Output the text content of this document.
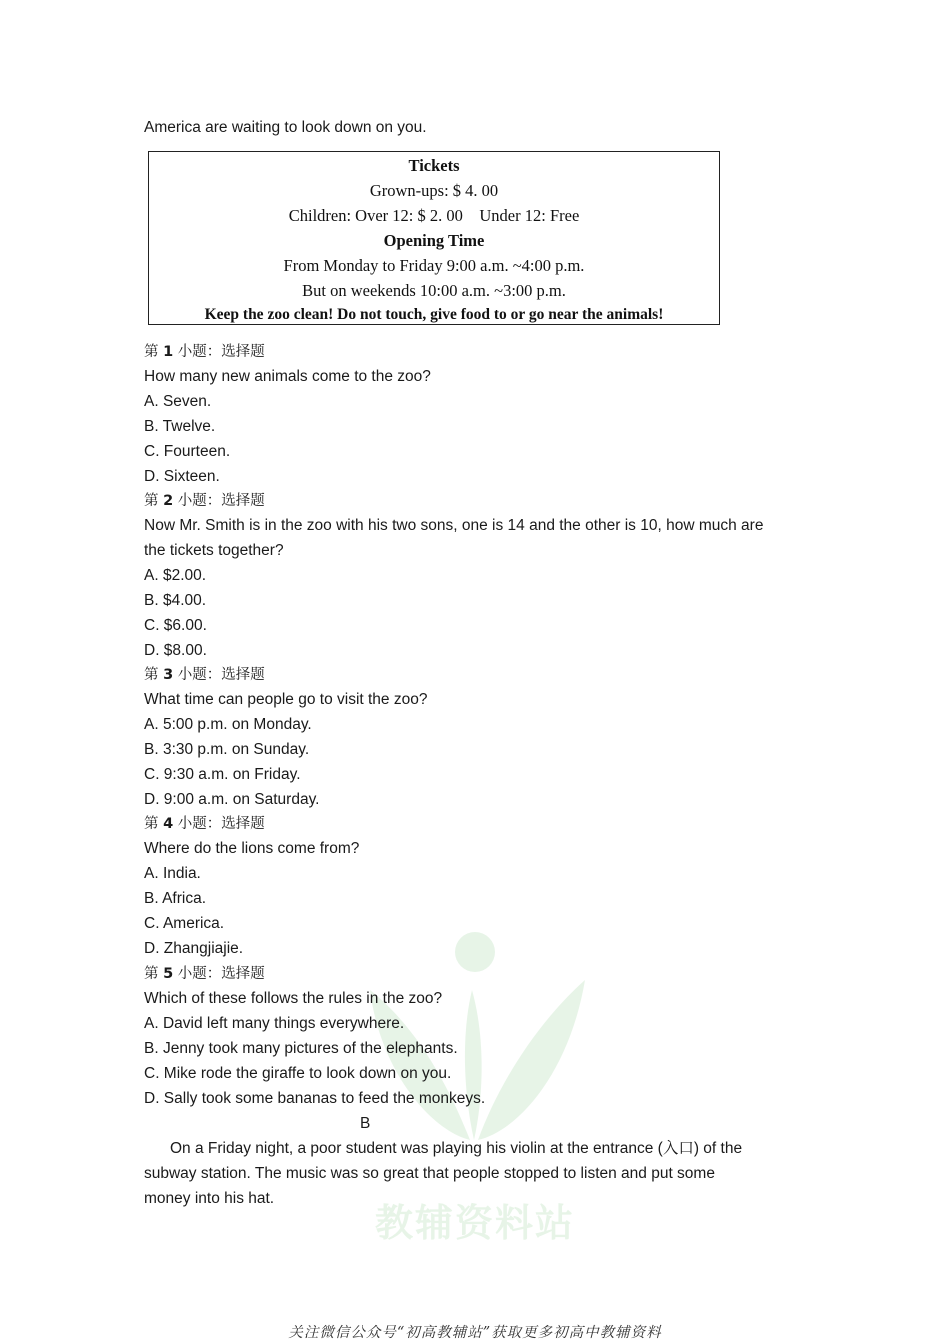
America are waiting to look down on you.
Tickets
Grown-ups: $ 4. 00
Children: Over 12: $ 2. 00    Under 12: Free
Opening Time
From Monday to Friday 9:00 a.m. ~4:00 p.m.
But on weekends 10:00 a.m. ~3:00 p.m.
Keep the zoo clean! Do not touch, give food to or go near the animals!
第 1 小题：选择题
How many new animals come to the zoo?
A. Seven.
B. Twelve.
C. Fourteen.
D. Sixteen.
第 2 小题：选择题
Now Mr. Smith is in the zoo with his two sons, one is 14 and the other is 10, how much are
the tickets together?
A. $2.00.
B. $4.00.
C. $6.00.
D. $8.00.
第 3 小题：选择题
What time can people go to visit the zoo?
A. 5:00 p.m. on Monday.
B. 3:30 p.m. on Sunday.
C. 9:30 a.m. on Friday.
D. 9:00 a.m. on Saturday.
第 4 小题：选择题
Where do the lions come from?
A. India.
B. Africa.
C. America.
D. Zhangjiajie.
教辅资料站
第 5 小题：选择题
Which of these follows the rules in the zoo?
A. David left many things everywhere.
B. Jenny took many pictures of the elephants.
C. Mike rode the giraffe to look down on you.
D. Sally took some bananas to feed the monkeys.
B
On a Friday night, a poor student was playing his violin at the entrance (入口) of the
subway station. The music was so great that people stopped to listen and put some
money into his hat.
关注微信公众号“初高教辅站”获取更多初高中教辅资料
